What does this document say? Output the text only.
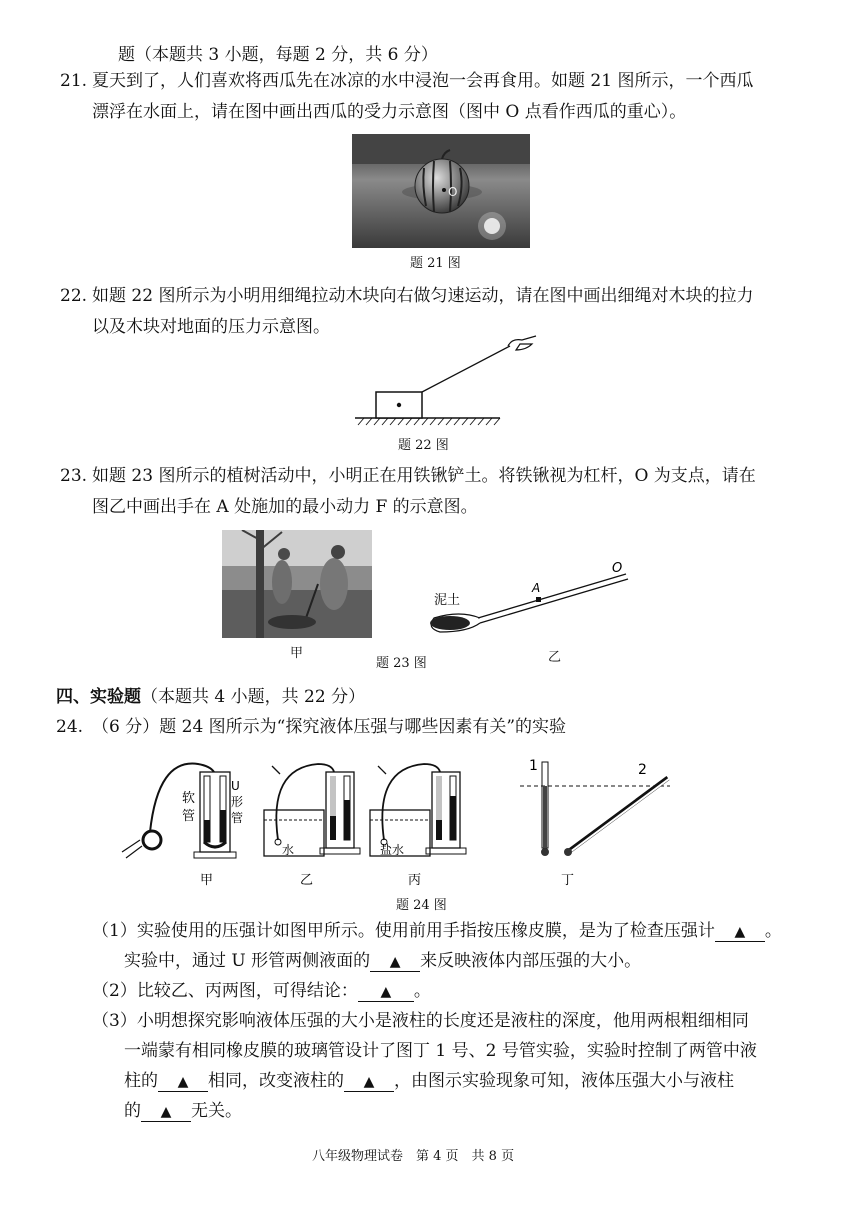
题（本题共 3 小题，每题 2 分，共 6 分）
21. 夏天到了，人们喜欢将西瓜先在冰凉的水中浸泡一会再食用。如题 21 图所示，一个西瓜
漂浮在水面上，请在图中画出西瓜的受力示意图（图中 O 点看作西瓜的重心）。
O
题 21 图
22. 如题 22 图所示为小明用细绳拉动木块向右做匀速运动，请在图中画出细绳对木块的拉力
以及木块对地面的压力示意图。
题 22 图
23. 如题 23 图所示的植树活动中，小明正在用铁锹铲土。将铁锹视为杠杆，O 为支点，请在
图乙中画出手在 A 处施加的最小动力 F 的示意图。
甲
A
O
泥土
题 23 图	乙
四、实验题（本题共 4 小题，共 22 分）
24. （6 分）题 24 图所示为“探究液体压强与哪些因素有关”的实验
软
管
U
形
管
水	盐水
1	2
甲	乙	丙	丁
题 24 图
（1）实验使用的压强计如图甲所示。使用前用手指按压橡皮膜，是为了检查压强计 ▲ 。
实验中，通过 U 形管两侧液面的 ▲ 来反映液体内部压强的大小。
（2）比较乙、丙两图，可得结论： ▲ 。
（3）小明想探究影响液体压强的大小是液柱的长度还是液柱的深度，他用两根粗细相同
一端蒙有相同橡皮膜的玻璃管设计了图丁 1 号、2 号管实验，实验时控制了两管中液
柱的 ▲ 相同，改变液柱的 ▲ ，由图示实验现象可知，液体压强大小与液柱
的 ▲ 无关。
八年级物理试卷　第 4 页　共 8 页
